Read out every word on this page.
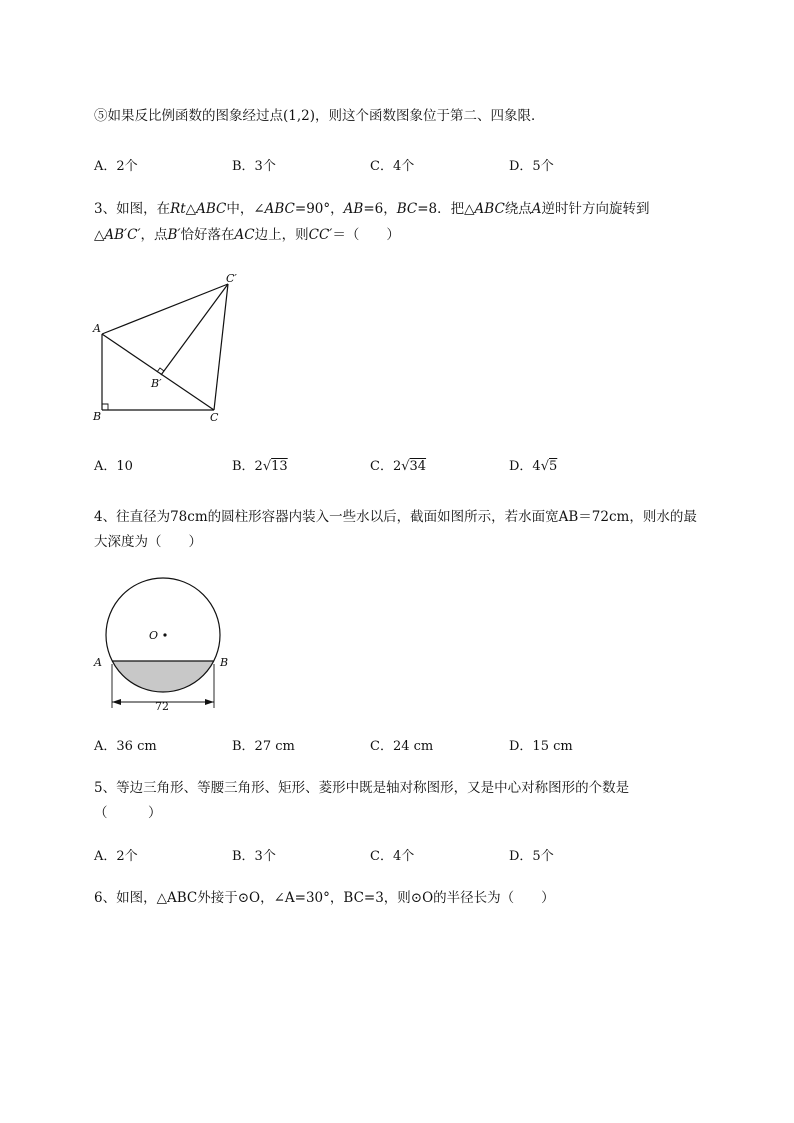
⑤如果反比例函数的图象经过点(1,2)，则这个函数图象位于第二、四象限．
A．2个	B．3个	C．4个	D．5个
3、如图，在Rt△ABC中，∠ABC=90°，AB=6，BC=8．把△ABC绕点A逆时针方向旋转到
△AB′C′，点B′恰好落在AC边上，则CC′＝（　　）
A
B	C
B′
C′
A．10	B．2√13	C．2√34	D．4√5
4、往直径为78cm的圆柱形容器内装入一些水以后，截面如图所示，若水面宽AB＝72cm，则水的最
大深度为（　　）
O
A	B
72
A．36 cm	B．27 cm	C．24 cm	D．15 cm
5、等边三角形、等腰三角形、矩形、菱形中既是轴对称图形，又是中心对称图形的个数是
（　　　）
A．2个	B．3个	C．4个	D．5个
6、如图，△ABC外接于⊙O，∠A=30°，BC=3，则⊙O的半径长为（　　）
